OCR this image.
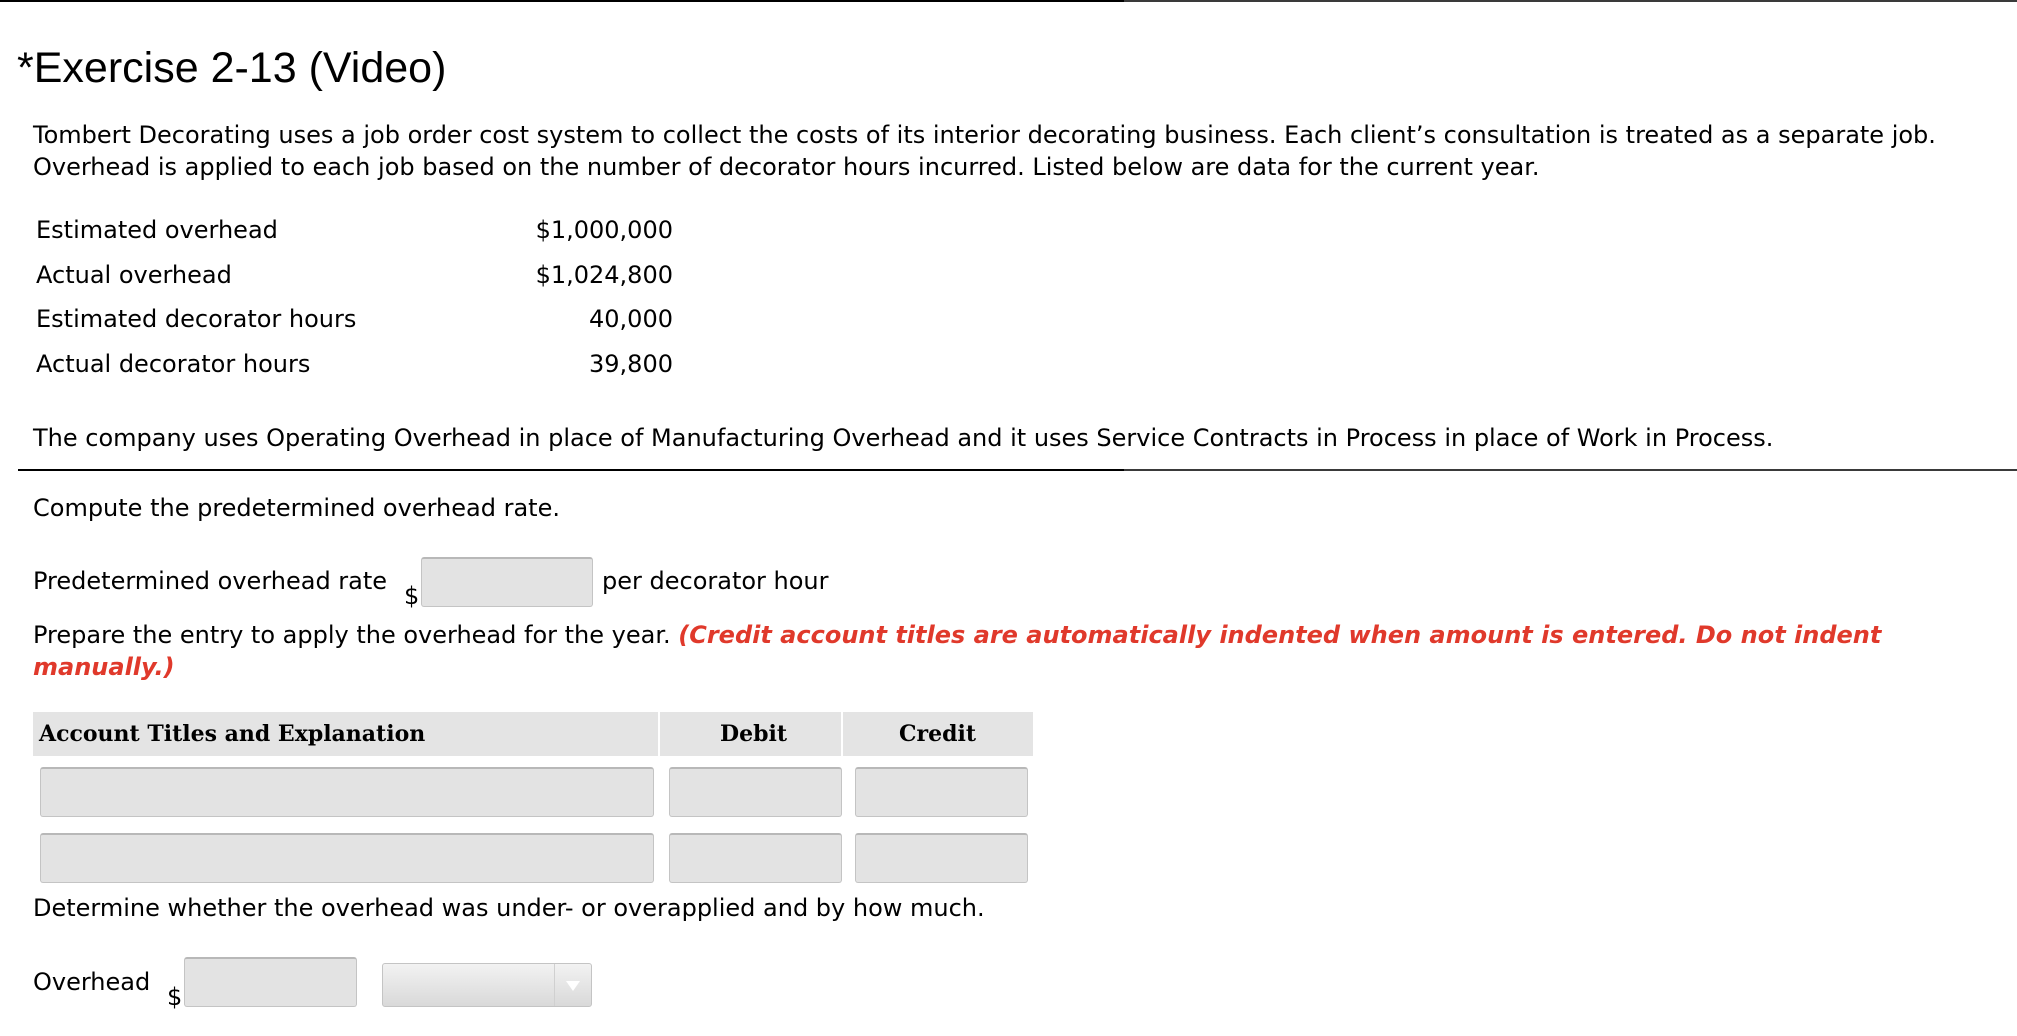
*Exercise 2-13 (Video)
Tombert Decorating uses a job order cost system to collect the costs of its interior decorating business. Each client’s consultation is treated as a separate job.
Overhead is applied to each job based on the number of decorator hours incurred. Listed below are data for the current year.
Estimated overhead	$1,000,000
Actual overhead	$1,024,800
Estimated decorator hours	40,000
Actual decorator hours	39,800
The company uses Operating Overhead in place of Manufacturing Overhead and it uses Service Contracts in Process in place of Work in Process.
Compute the predetermined overhead rate.
Predetermined overhead rate
$
per decorator hour
Prepare the entry to apply the overhead for the year. (Credit account titles are automatically indented when amount is entered. Do not indent manually.)
Account Titles and Explanation	Debit	Credit
Determine whether the overhead was under- or overapplied and by how much.
Overhead
$
